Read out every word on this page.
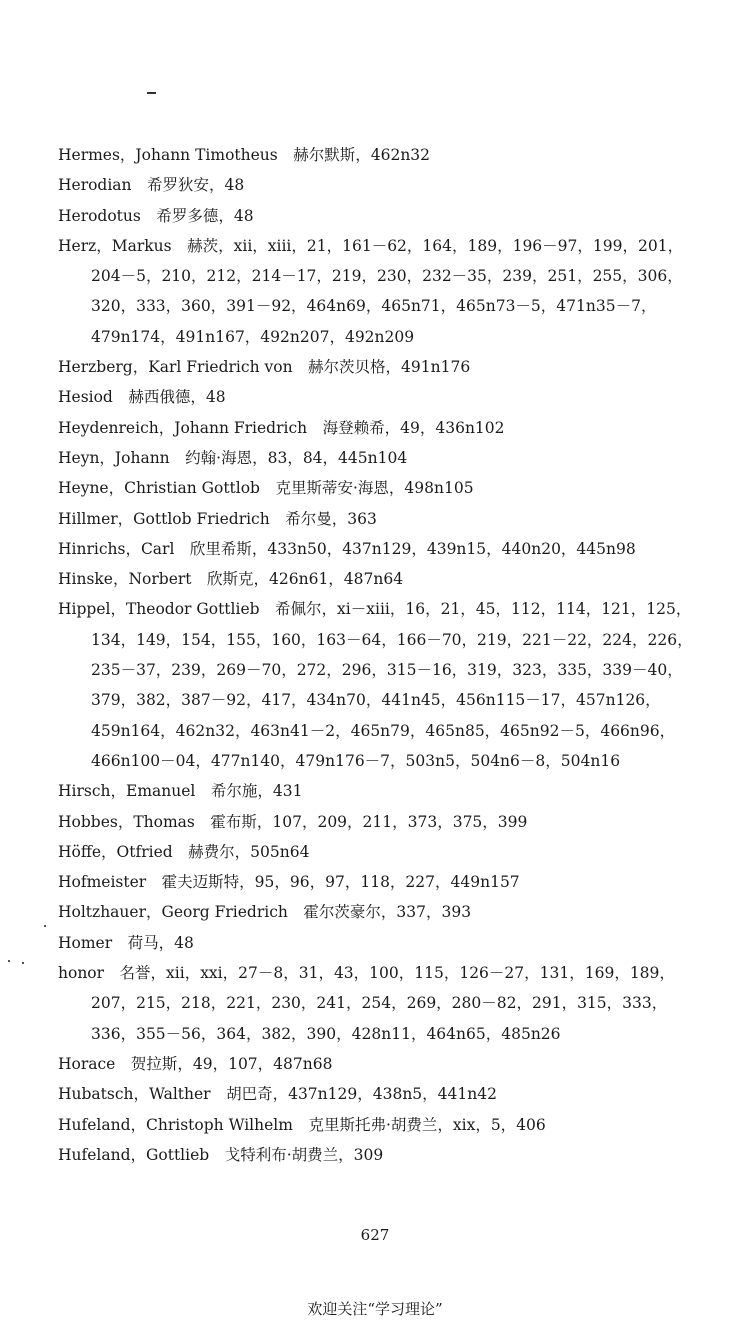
Hermes，Johann Timotheus　赫尔默斯，462n32

Herodian　希罗狄安，48

Herodotus　希罗多德，48

Herz，Markus　赫茨，xii，xiii，21，161－62，164，189，196－97，199，201，204－5，210，212，214－17，219，230，232－35，239，251，255，306，320，333，360，391－92，464n69，465n71，465n73－5，471n35－7，479n174，491n167，492n207，492n209

Herzberg，Karl Friedrich von　赫尔茨贝格，491n176

Hesiod　赫西俄德，48

Heydenreich，Johann Friedrich　海登赖希，49，436n102

Heyn，Johann　约翰·海恩，83，84，445n104

Heyne，Christian Gottlob　克里斯蒂安·海恩，498n105

Hillmer，Gottlob Friedrich　希尔曼，363

Hinrichs，Carl　欣里希斯，433n50，437n129，439n15，440n20，445n98

Hinske，Norbert　欣斯克，426n61，487n64

Hippel，Theodor Gottlieb　希佩尔，xi－xiii，16，21，45，112，114，121，125，134，149，154，155，160，163－64，166－70，219，221－22，224，226，235－37，239，269－70，272，296，315－16，319，323，335，339－40，379，382，387－92，417，434n70，441n45，456n115－17，457n126，459n164，462n32，463n41－2，465n79，465n85，465n92－5，466n96，466n100－04，477n140，479n176－7，503n5，504n6－8，504n16

Hirsch，Emanuel　希尔施，431

Hobbes，Thomas　霍布斯，107，209，211，373，375，399

Höffe，Otfried　赫费尔，505n64

Hofmeister　霍夫迈斯特，95，96，97，118，227，449n157

Holtzhauer，Georg Friedrich　霍尔茨豪尔，337，393

Homer　荷马，48

honor　名誉，xii，xxi，27－8，31，43，100，115，126－27，131，169，189，207，215，218，221，230，241，254，269，280－82，291，315，333，336，355－56，364，382，390，428n11，464n65，485n26

Horace　贺拉斯，49，107，487n68

Hubatsch，Walther　胡巴奇，437n129，438n5，441n42

Hufeland，Christoph Wilhelm　克里斯托弗·胡费兰，xix，5，406

Hufeland，Gottlieb　戈特利布·胡费兰，309

627
欢迎关注“学习理论”
